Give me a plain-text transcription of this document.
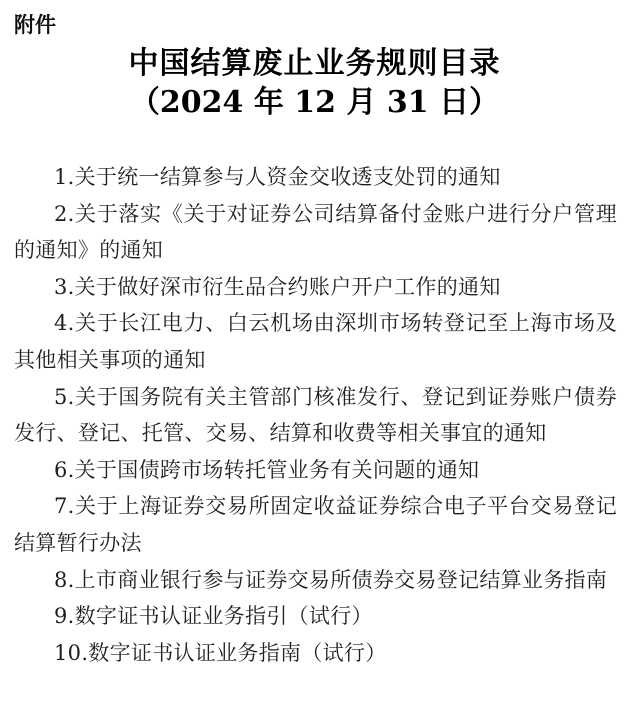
附件
中国结算废止业务规则目录
（2024 年 12 月 31 日）

1.关于统一结算参与人资金交收透支处罚的通知

2.关于落实《关于对证券公司结算备付金账户进行分户管理的通知》的通知

3.关于做好深市衍生品合约账户开户工作的通知

4.关于长江电力、白云机场由深圳市场转登记至上海市场及其他相关事项的通知

5.关于国务院有关主管部门核准发行、登记到证券账户债券发行、登记、托管、交易、结算和收费等相关事宜的通知

6.关于国债跨市场转托管业务有关问题的通知

7.关于上海证券交易所固定收益证券综合电子平台交易登记结算暂行办法

8.上市商业银行参与证券交易所债券交易登记结算业务指南

9.数字证书认证业务指引（试行）

10.数字证书认证业务指南（试行）
